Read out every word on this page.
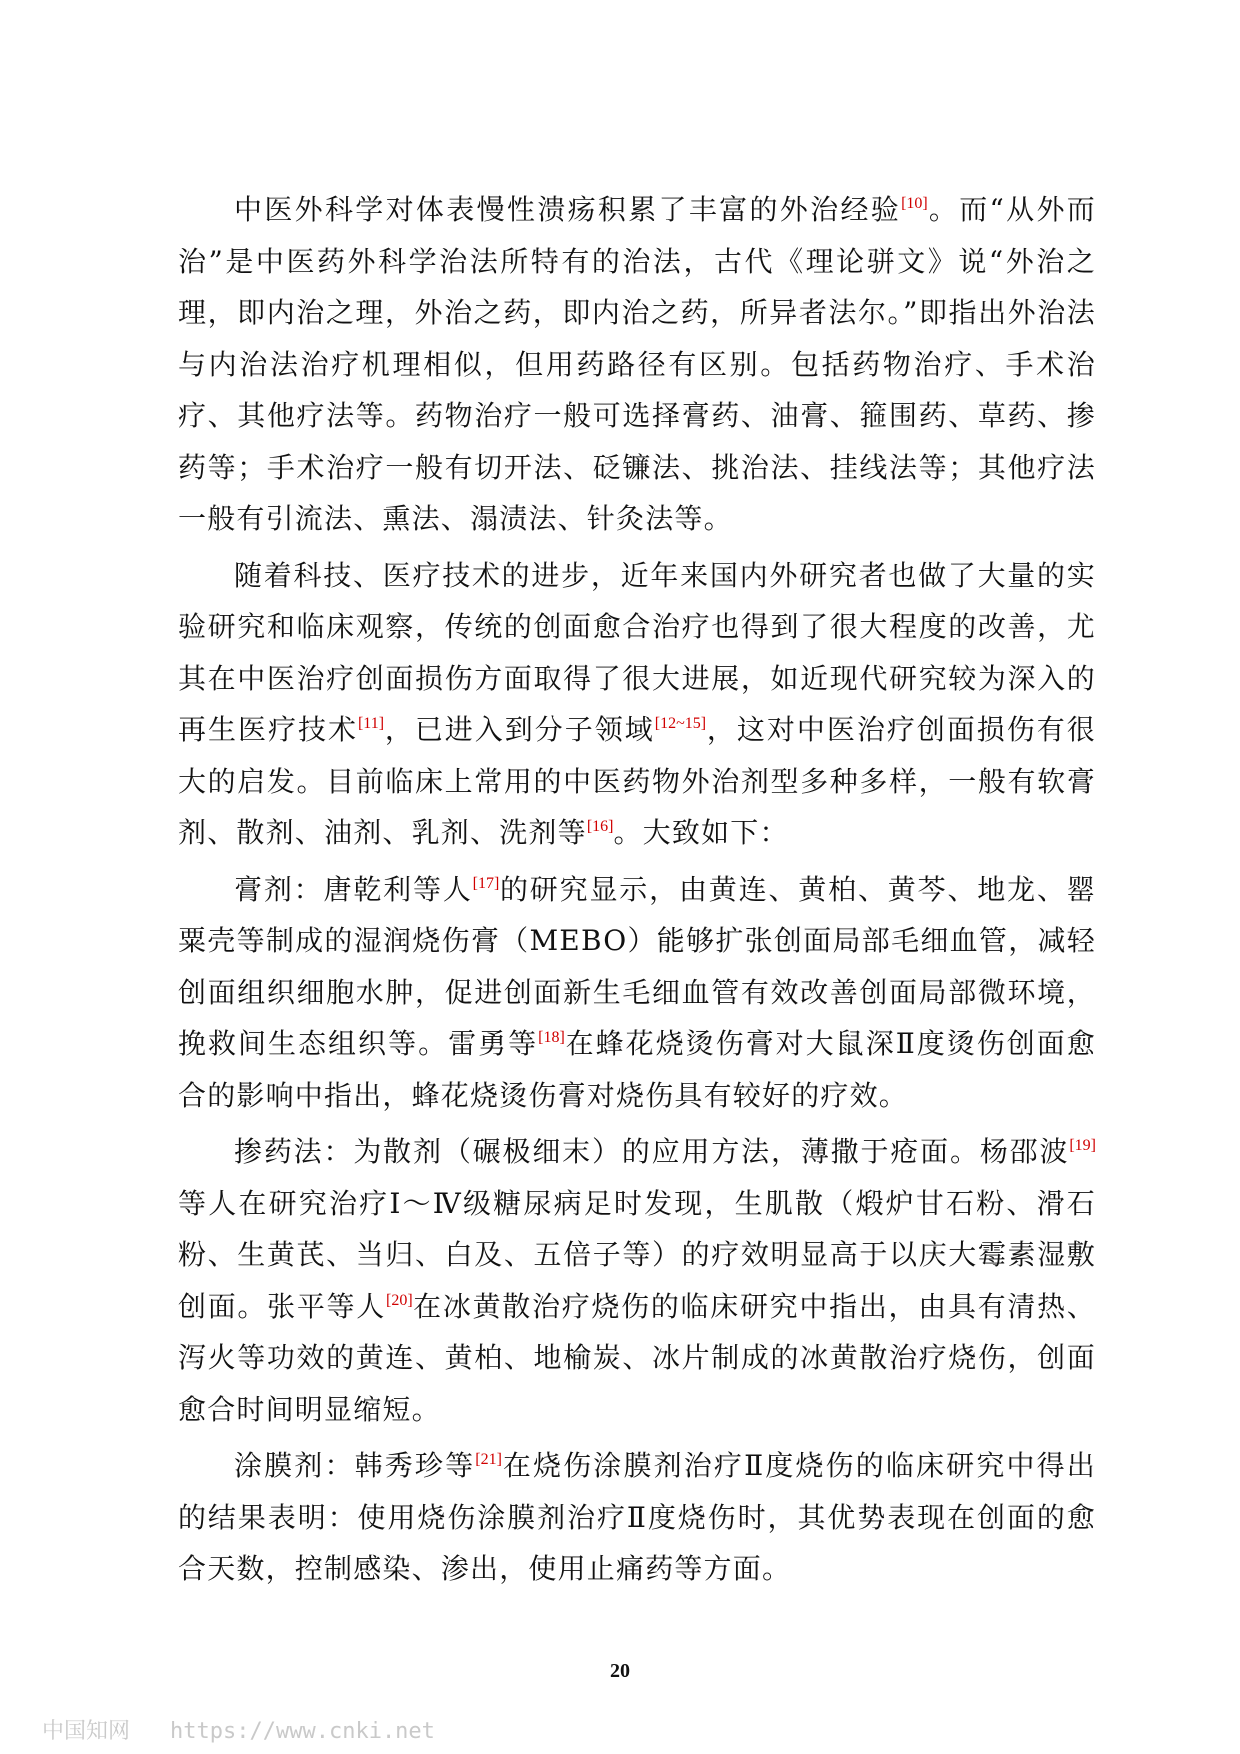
中医外科学对体表慢性溃疡积累了丰富的外治经验[10]。而“从外而治”是中医药外科学治法所特有的治法，古代《理论骈文》说“外治之理，即内治之理，外治之药，即内治之药，所异者法尔。”即指出外治法与内治法治疗机理相似，但用药路径有区别。包括药物治疗、手术治疗、其他疗法等。药物治疗一般可选择膏药、油膏、箍围药、草药、掺药等；手术治疗一般有切开法、砭镰法、挑治法、挂线法等；其他疗法一般有引流法、熏法、溻渍法、针灸法等。

随着科技、医疗技术的进步，近年来国内外研究者也做了大量的实验研究和临床观察，传统的创面愈合治疗也得到了很大程度的改善，尤其在中医治疗创面损伤方面取得了很大进展，如近现代研究较为深入的再生医疗技术[11]，已进入到分子领域[12~15]，这对中医治疗创面损伤有很大的启发。目前临床上常用的中医药物外治剂型多种多样，一般有软膏剂、散剂、油剂、乳剂、洗剂等[16]。大致如下：

膏剂：唐乾利等人[17]的研究显示，由黄连、黄柏、黄芩、地龙、罂粟壳等制成的湿润烧伤膏（MEBO）能够扩张创面局部毛细血管，减轻创面组织细胞水肿，促进创面新生毛细血管有效改善创面局部微环境，挽救间生态组织等。雷勇等[18]在蜂花烧烫伤膏对大鼠深Ⅱ度烫伤创面愈合的影响中指出，蜂花烧烫伤膏对烧伤具有较好的疗效。

掺药法：为散剂（碾极细末）的应用方法，薄撒于疮面。杨邵波[19]等人在研究治疗Ⅰ～Ⅳ级糖尿病足时发现，生肌散（煅炉甘石粉、滑石粉、生黄芪、当归、白及、五倍子等）的疗效明显高于以庆大霉素湿敷创面。张平等人[20]在冰黄散治疗烧伤的临床研究中指出，由具有清热、泻火等功效的黄连、黄柏、地榆炭、冰片制成的冰黄散治疗烧伤，创面愈合时间明显缩短。

涂膜剂：韩秀珍等[21]在烧伤涂膜剂治疗Ⅱ度烧伤的临床研究中得出的结果表明：使用烧伤涂膜剂治疗Ⅱ度烧伤时，其优势表现在创面的愈合天数，控制感染、渗出，使用止痛药等方面。

20
中国知网 https://www.cnki.net
